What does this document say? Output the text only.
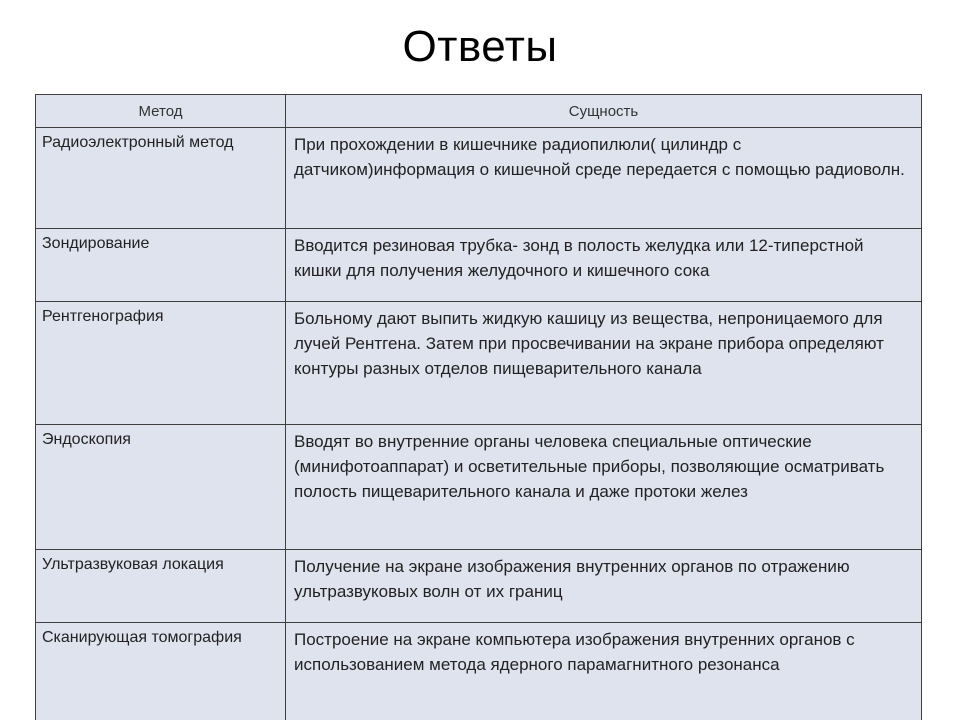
Ответы
Метод	Сущность
Радиоэлектронный метод	При прохождении в кишечнике радиопилюли( цилиндр с датчиком)информация о кишечной среде передается с помощью радиоволн.
Зондирование	Вводится резиновая трубка- зонд в полость желудка или 12-типерстной кишки для получения желудочного и кишечного сока
Рентгенография	Больному дают выпить жидкую кашицу из вещества, непроницаемого для лучей Рентгена. Затем при просвечивании на экране прибора определяют контуры разных отделов пищеварительного канала
Эндоскопия	Вводят во внутренние органы человека специальные оптические (минифотоаппарат) и осветительные приборы, позволяющие осматривать полость пищеварительного канала и даже протоки желез
Ультразвуковая локация	Получение на экране изображения внутренних органов по отражению ультразвуковых волн от их границ
Сканирующая томография	Построение на экране компьютера изображения внутренних органов с использованием метода ядерного парамагнитного резонанса
